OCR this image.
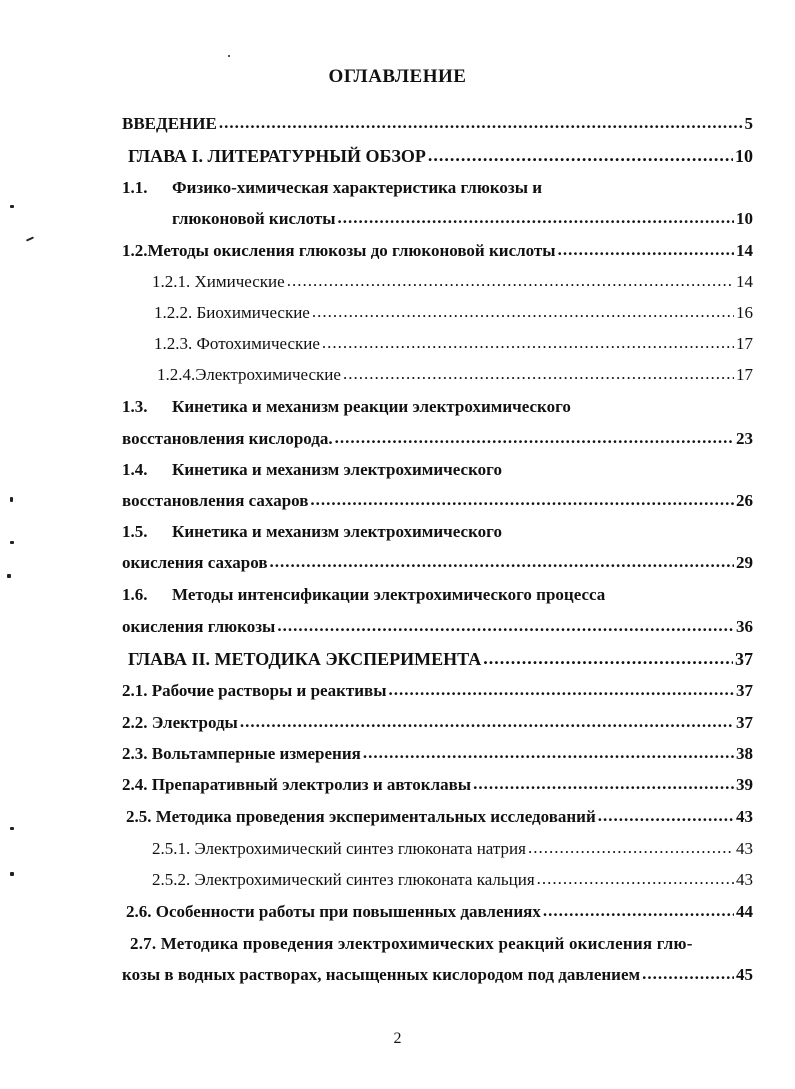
ОГЛАВЛЕНИЕ
ВВЕДЕНИЕ .....	5
ГЛАВА I. ЛИТЕРАТУРНЫЙ ОБЗОР .....	10
1.1.	Физико-химическая характеристика глюкозы и
глюконовой кислоты .....	10
1.2. Методы окисления глюкозы до глюконовой кислоты .....	14
1.2.1. Химические .....	14
1.2.2. Биохимические .....	16
1.2.3. Фотохимические .....	17
1.2.4.Электрохимические .....	17
1.3.	Кинетика и механизм реакции электрохимического
восстановления кислорода. .....	23
1.4.	Кинетика и механизм электрохимического
восстановления сахаров .....	26
1.5.	Кинетика и механизм электрохимического
окисления сахаров .....	29
1.6.	Методы интенсификации электрохимического процесса
окисления глюкозы .....	36
ГЛАВА II. МЕТОДИКА ЭКСПЕРИМЕНТА .....	37
2.1. Рабочие растворы и реактивы .....	37
2.2. Электроды .....	37
2.3. Вольтамперные измерения .....	38
2.4. Препаративный электролиз и автоклавы .....	39
2.5. Методика проведения экспериментальных исследований .....	43
2.5.1. Электрохимический синтез глюконата натрия .....	43
2.5.2. Электрохимический синтез глюконата кальция .....	43
2.6. Особенности работы при повышенных давлениях .....	44
2.7. Методика проведения электрохимических реакций окисления глю-
козы в водных растворах, насыщенных кислородом под давлением .....	45
2
